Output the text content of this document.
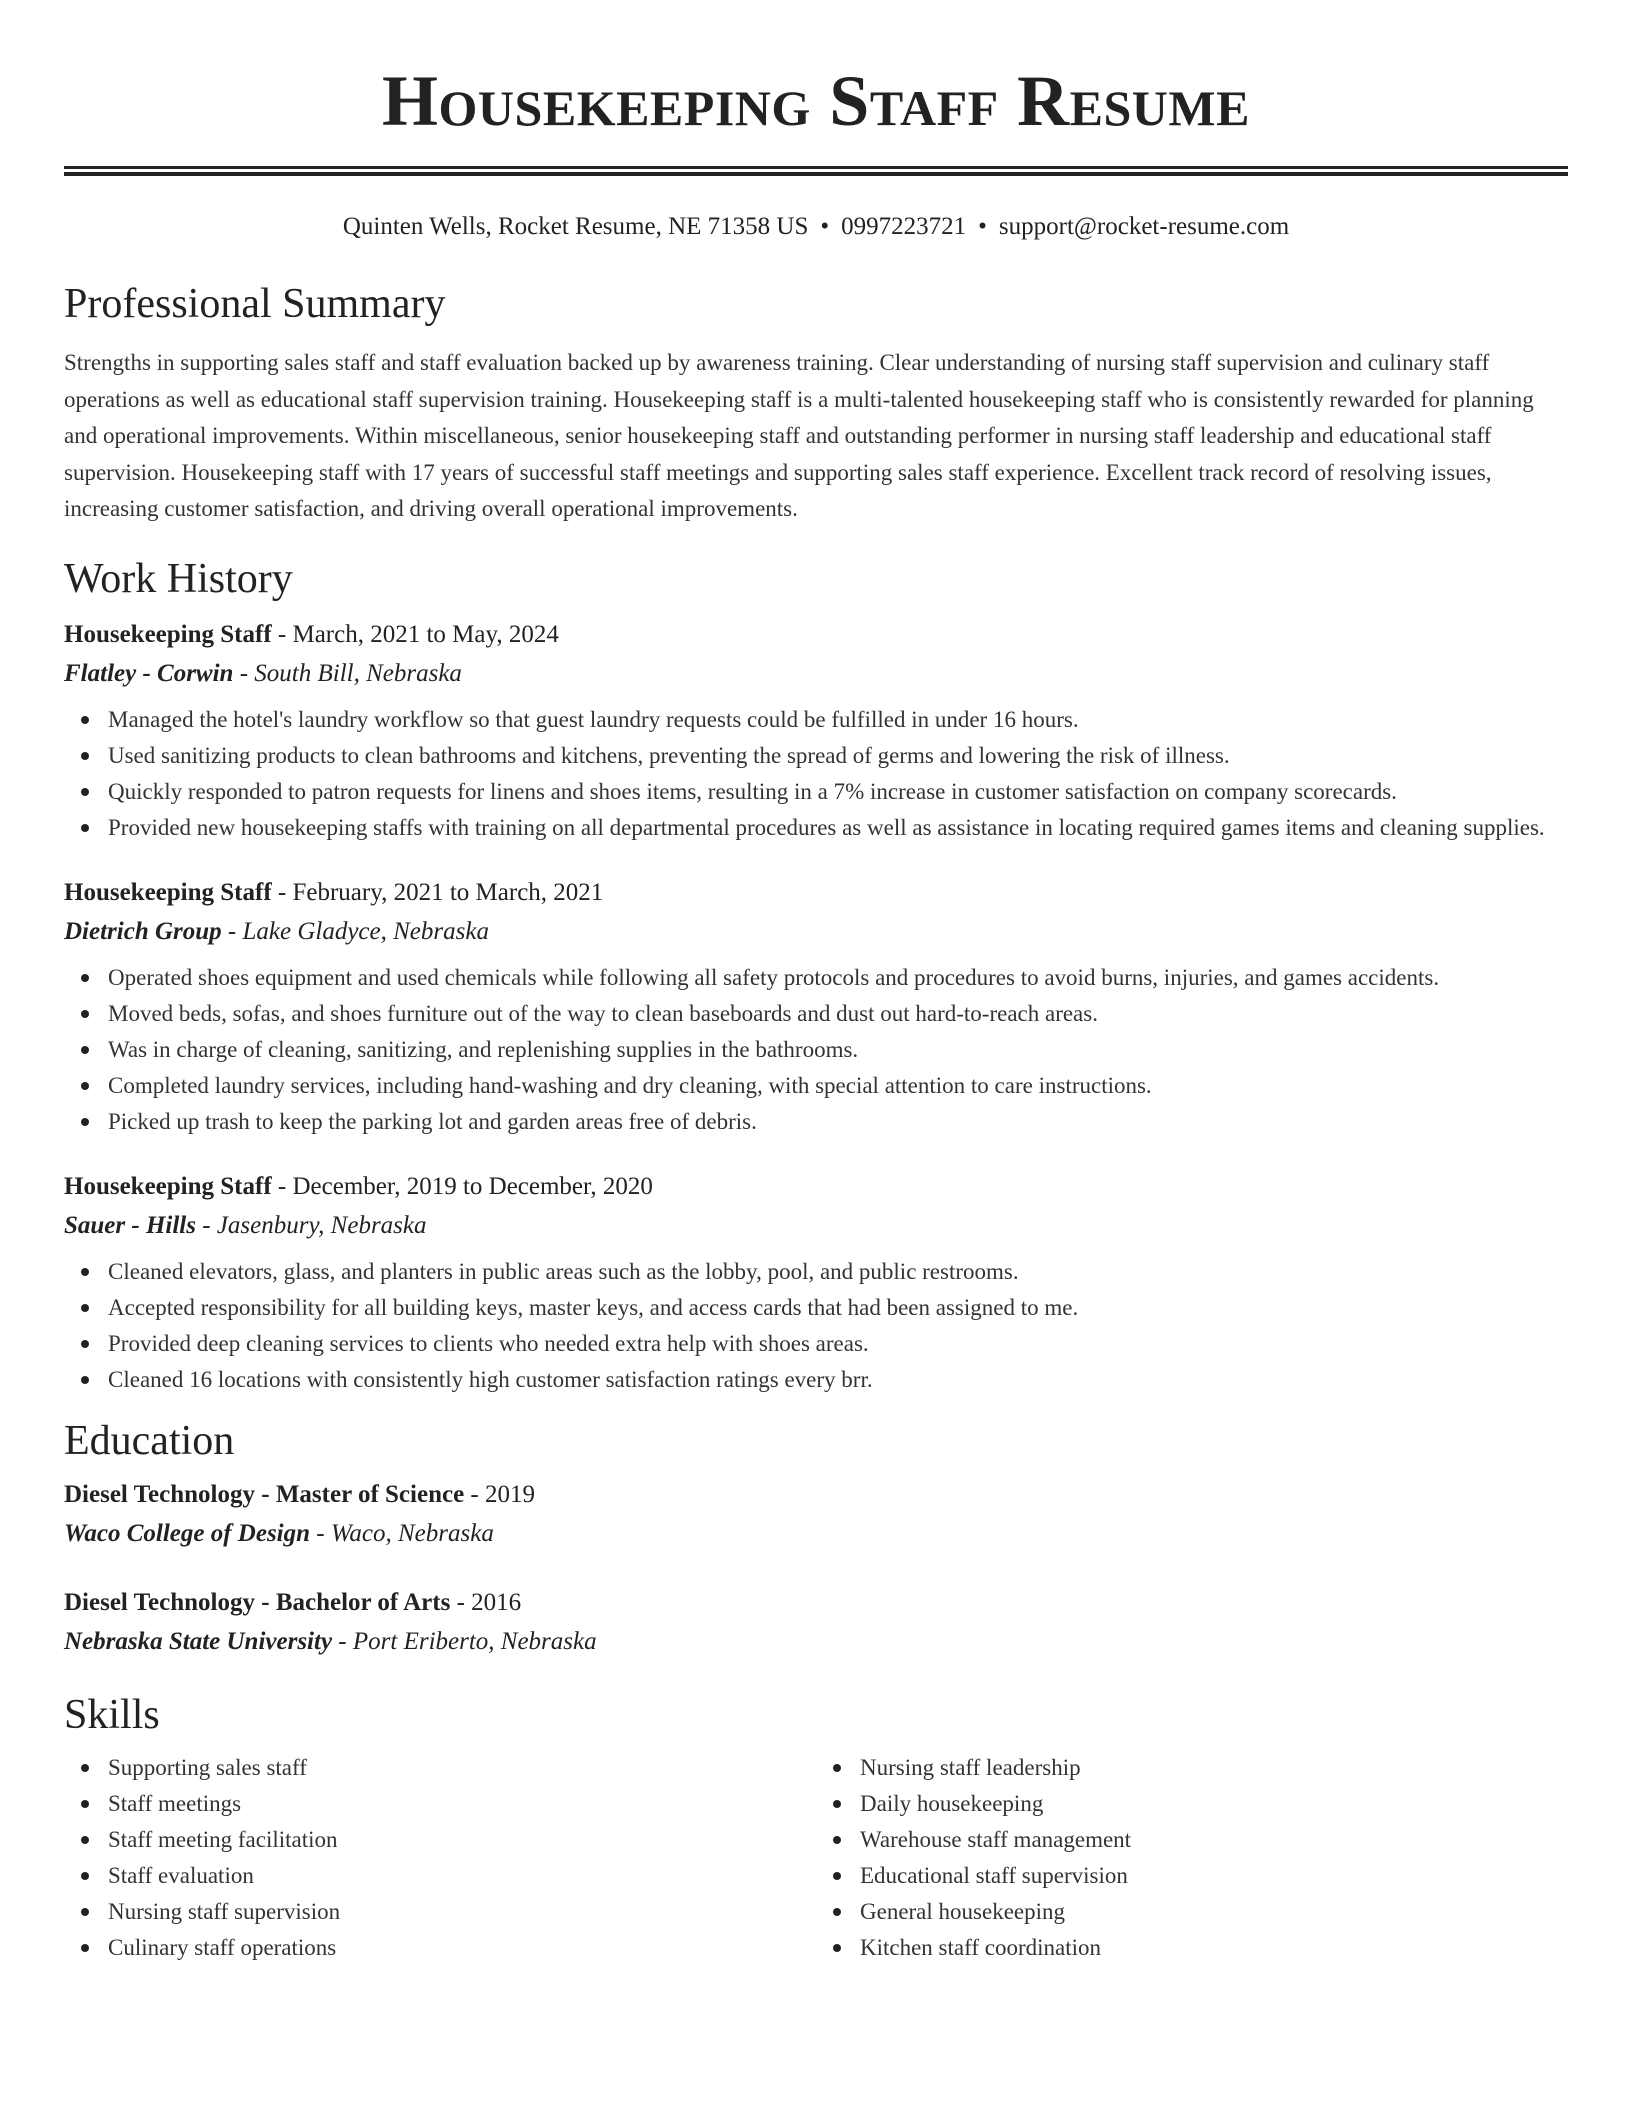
Housekeeping Staff Resume
Quinten Wells, Rocket Resume, NE 71358 US • 0997223721 • support@rocket-resume.com
Professional Summary

Strengths in supporting sales staff and staff evaluation backed up by awareness training. Clear understanding of nursing staff supervision and culinary staff operations as well as educational staff supervision training. Housekeeping staff is a multi-talented housekeeping staff who is consistently rewarded for planning and operational improvements. Within miscellaneous, senior housekeeping staff and outstanding performer in nursing staff leadership and educational staff supervision. Housekeeping staff with 17 years of successful staff meetings and supporting sales staff experience. Excellent track record of resolving issues, increasing customer satisfaction, and driving overall operational improvements.

Work History
Housekeeping Staff - March, 2021 to May, 2024
Flatley - Corwin - South Bill, Nebraska
Managed the hotel's laundry workflow so that guest laundry requests could be fulfilled in under 16 hours.
Used sanitizing products to clean bathrooms and kitchens, preventing the spread of germs and lowering the risk of illness.
Quickly responded to patron requests for linens and shoes items, resulting in a 7% increase in customer satisfaction on company scorecards.
Provided new housekeeping staffs with training on all departmental procedures as well as assistance in locating required games items and cleaning supplies.
Housekeeping Staff - February, 2021 to March, 2021
Dietrich Group - Lake Gladyce, Nebraska
Operated shoes equipment and used chemicals while following all safety protocols and procedures to avoid burns, injuries, and games accidents.
Moved beds, sofas, and shoes furniture out of the way to clean baseboards and dust out hard-to-reach areas.
Was in charge of cleaning, sanitizing, and replenishing supplies in the bathrooms.
Completed laundry services, including hand-washing and dry cleaning, with special attention to care instructions.
Picked up trash to keep the parking lot and garden areas free of debris.
Housekeeping Staff - December, 2019 to December, 2020
Sauer - Hills - Jasenbury, Nebraska
Cleaned elevators, glass, and planters in public areas such as the lobby, pool, and public restrooms.
Accepted responsibility for all building keys, master keys, and access cards that had been assigned to me.
Provided deep cleaning services to clients who needed extra help with shoes areas.
Cleaned 16 locations with consistently high customer satisfaction ratings every brr.
Education
Diesel Technology - Master of Science - 2019
Waco College of Design - Waco, Nebraska
Diesel Technology - Bachelor of Arts - 2016
Nebraska State University - Port Eriberto, Nebraska
Skills
Supporting sales staff
Staff meetings
Staff meeting facilitation
Staff evaluation
Nursing staff supervision
Culinary staff operations
Nursing staff leadership
Daily housekeeping
Warehouse staff management
Educational staff supervision
General housekeeping
Kitchen staff coordination
